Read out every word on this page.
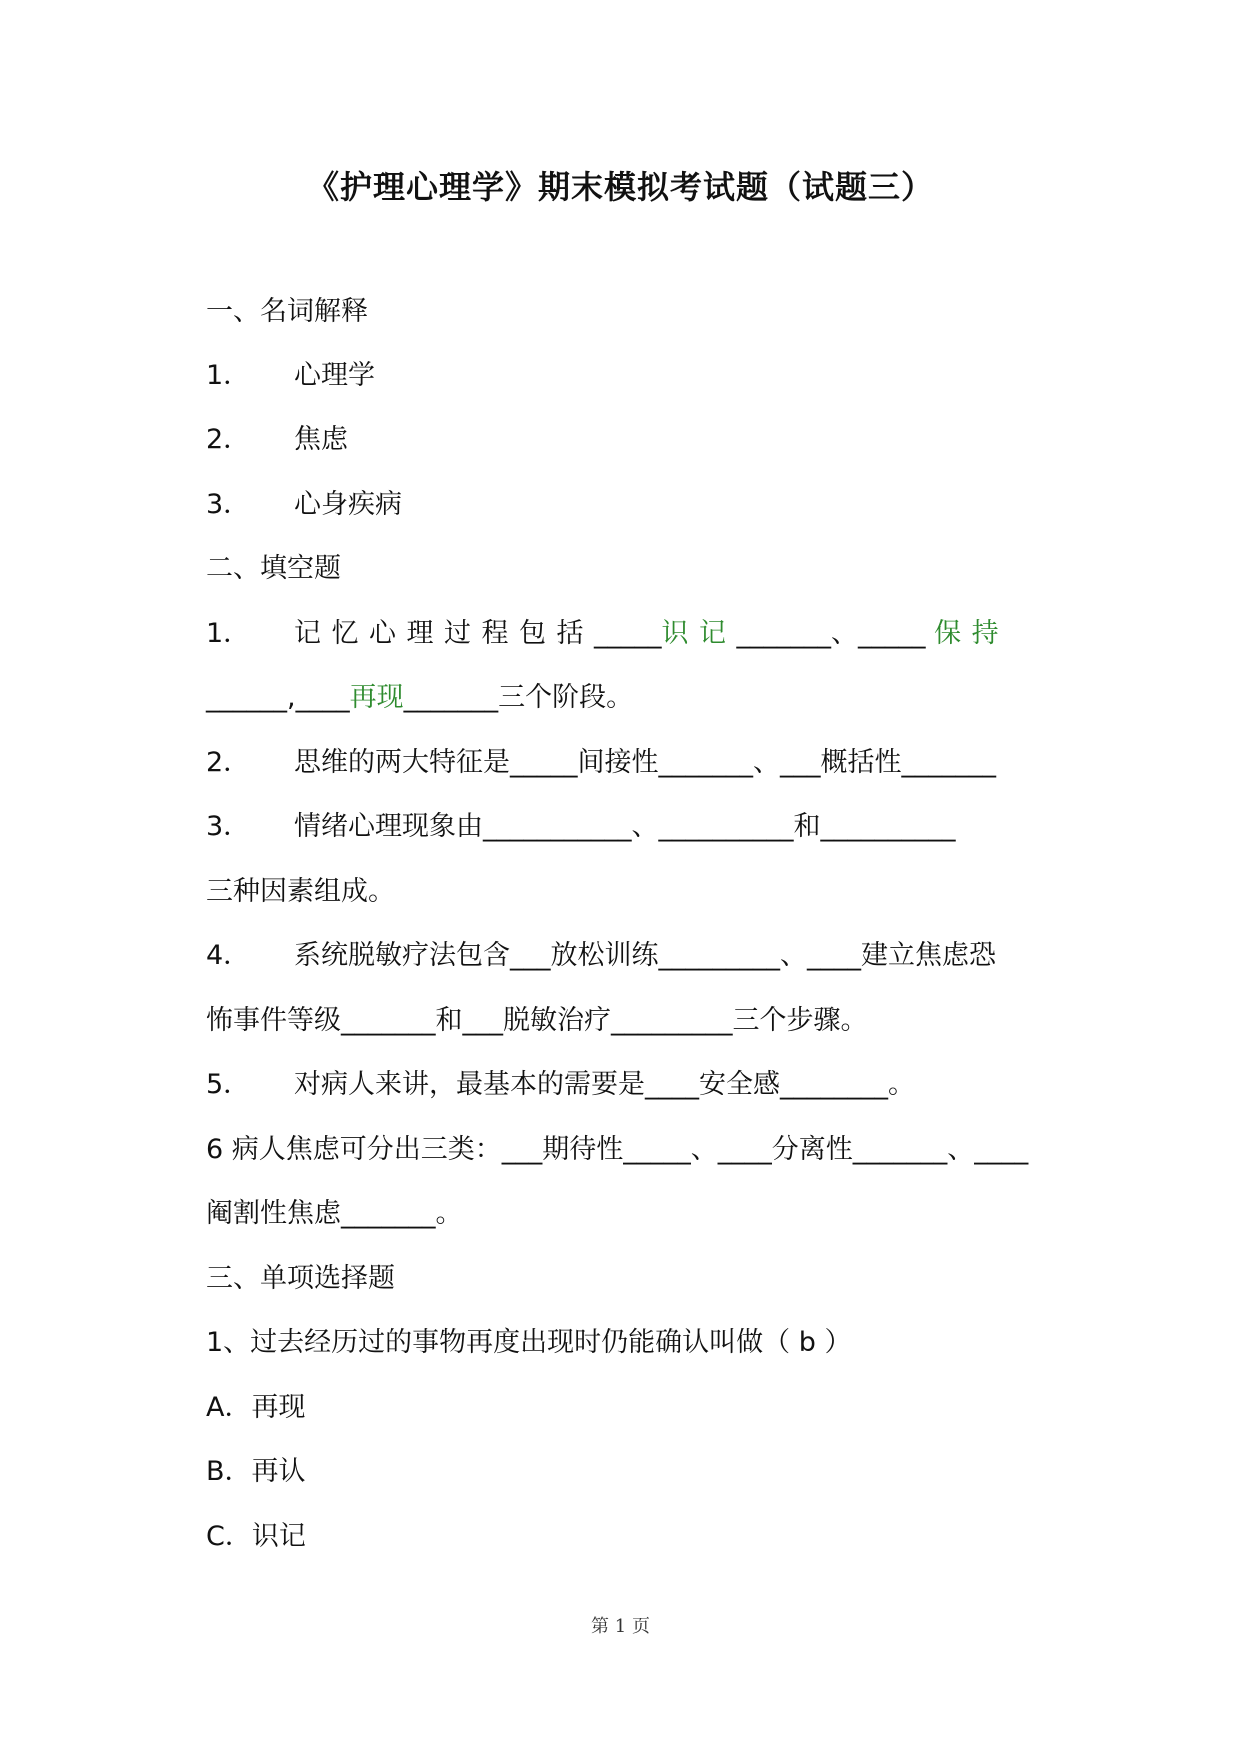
《护理心理学》期末模拟考试题（试题三）
一、名词解释
1． 心理学
2． 焦虑
3． 心身疾病
二、填空题
1． 记忆心理过程包括_____识记_______、_____ 保持
______,____再现_______三个阶段。
2． 思维的两大特征是_____间接性_______、___概括性_______
3． 情绪心理现象由___________、__________和__________
三种因素组成。
4． 系统脱敏疗法包含___放松训练_________、____建立焦虑恐
怖事件等级_______和___脱敏治疗_________三个步骤。
5． 对病人来讲，最基本的需要是____安全感________。
6 病人焦虑可分出三类：___期待性_____、____分离性_______、____
阉割性焦虑_______。
三、单项选择题
1、过去经历过的事物再度出现时仍能确认叫做（ b ）
A．再现
B．再认
C．识记
第 1 页
